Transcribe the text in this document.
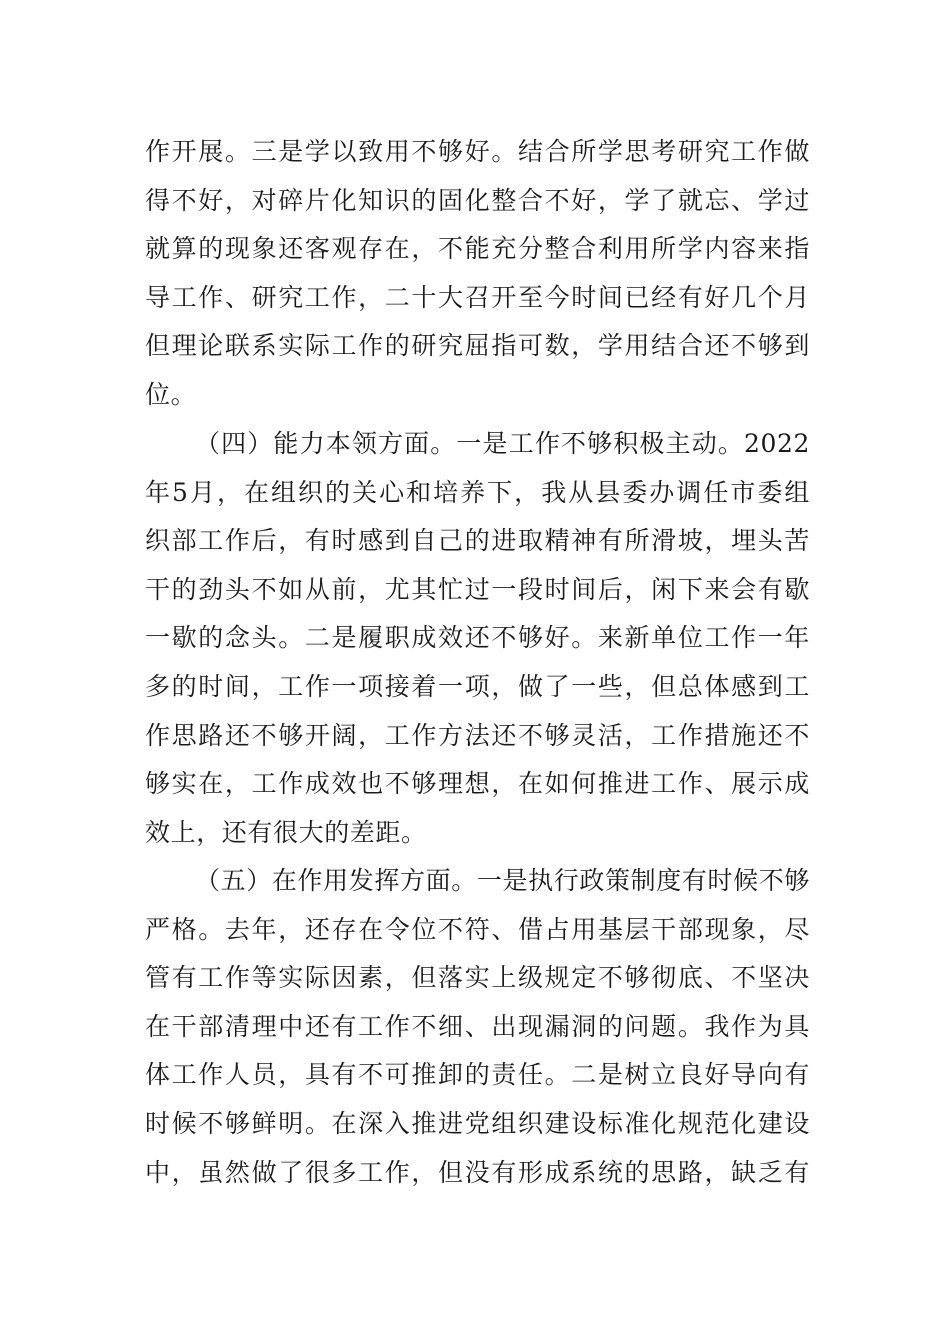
作开展。三是学以致用不够好。结合所学思考研究工作做
得不好，对碎片化知识的固化整合不好，学了就忘、学过
就算的现象还客观存在，不能充分整合利用所学内容来指
导工作、研究工作，二十大召开至今时间已经有好几个月
但理论联系实际工作的研究屈指可数，学用结合还不够到
位。
（四）能力本领方面。一是工作不够积极主动。2022
年5月，在组织的关心和培养下，我从县委办调任市委组
织部工作后，有时感到自己的进取精神有所滑坡，埋头苦
干的劲头不如从前，尤其忙过一段时间后，闲下来会有歇
一歇的念头。二是履职成效还不够好。来新单位工作一年
多的时间，工作一项接着一项，做了一些，但总体感到工
作思路还不够开阔，工作方法还不够灵活，工作措施还不
够实在，工作成效也不够理想，在如何推进工作、展示成
效上，还有很大的差距。
（五）在作用发挥方面。一是执行政策制度有时候不够
严格。去年，还存在令位不符、借占用基层干部现象，尽
管有工作等实际因素，但落实上级规定不够彻底、不坚决
在干部清理中还有工作不细、出现漏洞的问题。我作为具
体工作人员，具有不可推卸的责任。二是树立良好导向有
时候不够鲜明。在深入推进党组织建设标准化规范化建设
中，虽然做了很多工作，但没有形成系统的思路，缺乏有
